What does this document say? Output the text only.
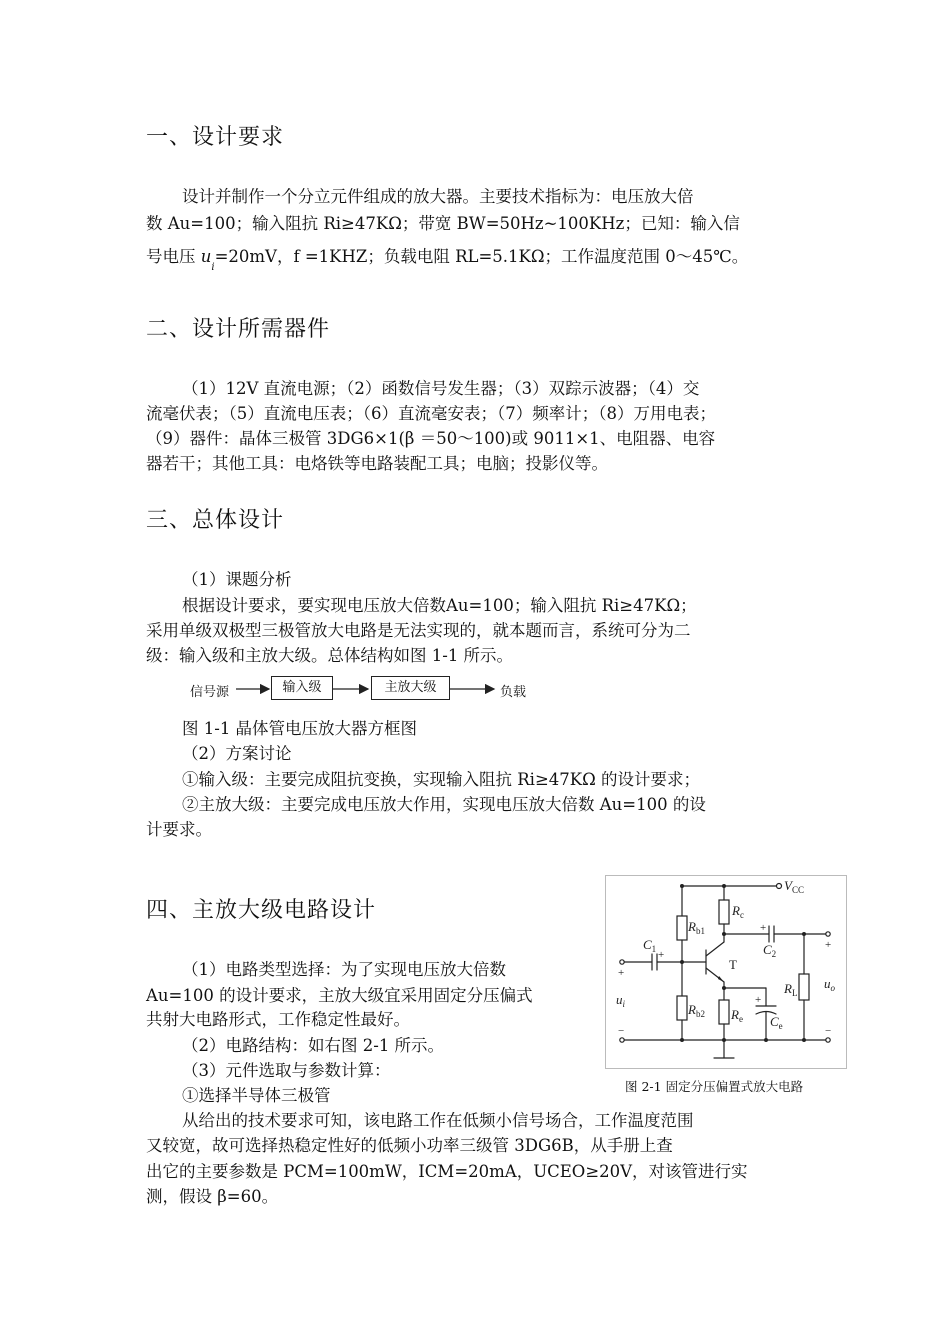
一、设计要求

设计并制作一个分立元件组成的放大器。主要技术指标为：电压放大倍

数 Au=100；输入阻抗 Ri≥47KΩ；带宽 BW=50Hz~100KHz；已知：输入信

号电压 $u_i=20mV$，f =1KHZ；负载电阻 RL=5.1KΩ；工作温度范围 0～45℃。

二、设计所需器件

（1）12V 直流电源；（2）函数信号发生器；（3）双踪示波器；（4）交

流毫伏表；（5）直流电压表；（6）直流毫安表；（7）频率计；（8）万用电表；

（9）器件：晶体三极管 3DG6×1(β ＝50～100)或 9011×1、电阻器、电容

器若干；其他工具：电烙铁等电路装配工具；电脑；投影仪等。

三、总体设计

（1）课题分析

根据设计要求，要实现电压放大倍数Au=100；输入阻抗 Ri≥47KΩ；

采用单级双极型三极管放大电路是无法实现的，就本题而言，系统可分为二

级：输入级和主放大级。总体结构如图 1-1 所示。

信号源	输入级	主放大级	负载

图 1-1 晶体管电压放大器方框图

（2）方案讨论

①输入级：主要完成阻抗变换，实现输入阻抗 Ri≥47KΩ 的设计要求；

②主放大级：主要完成电压放大作用，实现电压放大倍数 Au=100 的设

计要求。

四、主放大级电路设计

（1）电路类型选择：为了实现电压放大倍数

Au=100 的设计要求，主放大级宜采用固定分压偏式

共射大电路形式，工作稳定性最好。

（2）电路结构：如右图 2-1 所示。

（3）元件选取与参数计算：

①选择半导体三极管

从给出的技术要求可知，该电路工作在低频小信号场合，工作温度范围

又较宽，故可选择热稳定性好的低频小功率三级管 3DG6B，从手册上查

出它的主要参数是 PCM=100mW，ICM=20mA，UCEO≥20V，对该管进行实

测，假设 β=60。

$V_{CC}$
$R_{b1}$
$R_c$
$C_1$	$C_2$
T
$R_{b2}$ $R_e$ $C_e$
$R_L$
$u_i$
$u_o$
+
−
+
−
+
+
+
图 2-1 固定分压偏置式放大电路
